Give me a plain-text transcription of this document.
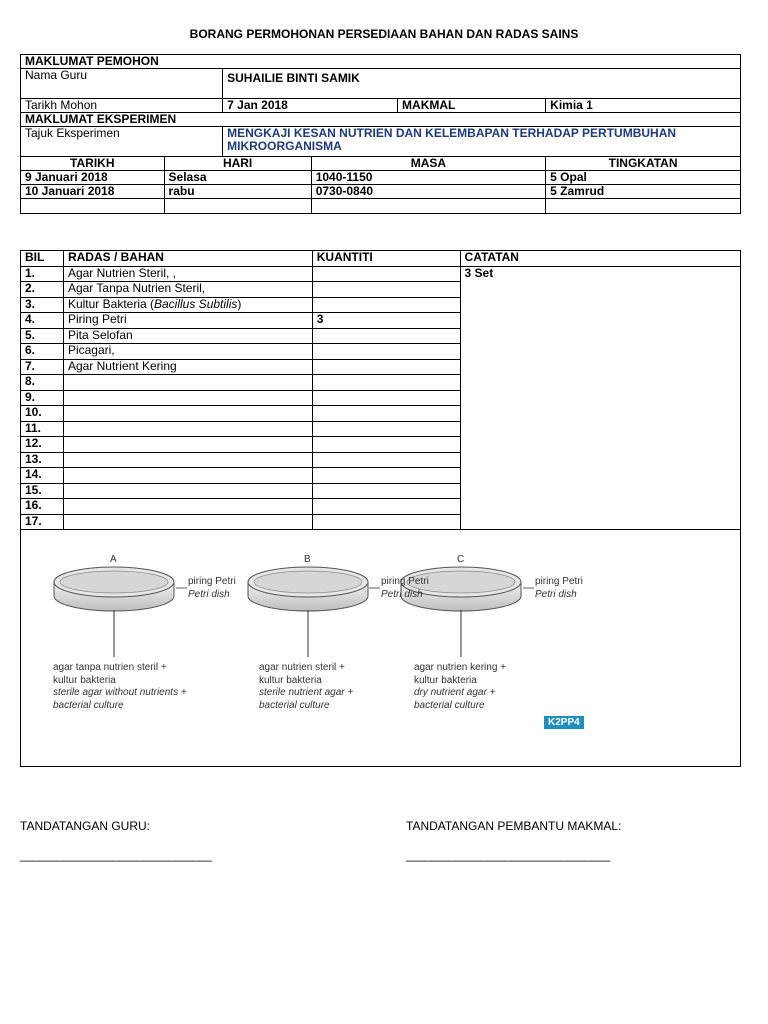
BORANG PERMOHONAN PERSEDIAAN BAHAN DAN RADAS SAINS
MAKLUMAT PEMOHON					
Nama Guru		SUHAILIE BINTI SAMIK			
Tarikh Mohon		7 Jan 2018		MAKMAL	Kimia 1
MAKLUMAT EKSPERIMEN					
Tajuk Eksperimen		MENGKAJI KESAN NUTRIEN DAN KELEMBAPAN TERHADAP PERTUMBUHAN MIKROORGANISMA			
TARIKH	HARI		MASA		TINGKATAN
9 Januari 2018	Selasa		1040-1150		5 Opal
10 Januari 2018	rabu		0730-0840		5 Zamrud

BIL	RADAS / BAHAN	KUANTITI	CATATAN
1.	Agar Nutrien Steril, ,		3 Set
2.	Agar Tanpa Nutrien Steril,		
3.	Kultur Bakteria (Bacillus Subtilis)		
4.	Piring Petri	3	
5.	Pita Selofan		
6.	Picagari,		
7.	Agar Nutrient Kering		
8.			
9.			
10.			
11.			
12.			
13.			
14.			
15.			
16.			
17.			
A	B	C
piring Petri
Petri dish
piring Petri
Petri dish
piring Petri
Petri dish
agar tanpa nutrien steril +
kultur bakteria
sterile agar without nutrients +
bacterial culture
agar nutrien steril +
kultur bakteria
sterile nutrient agar +
bacterial culture
agar nutrien kering +
kultur bakteria
dry nutrient agar +
bacterial culture
K2PP4
TANDATANGAN GURU:
_______________________________
TANDATANGAN PEMBANTU MAKMAL:
_________________________________
